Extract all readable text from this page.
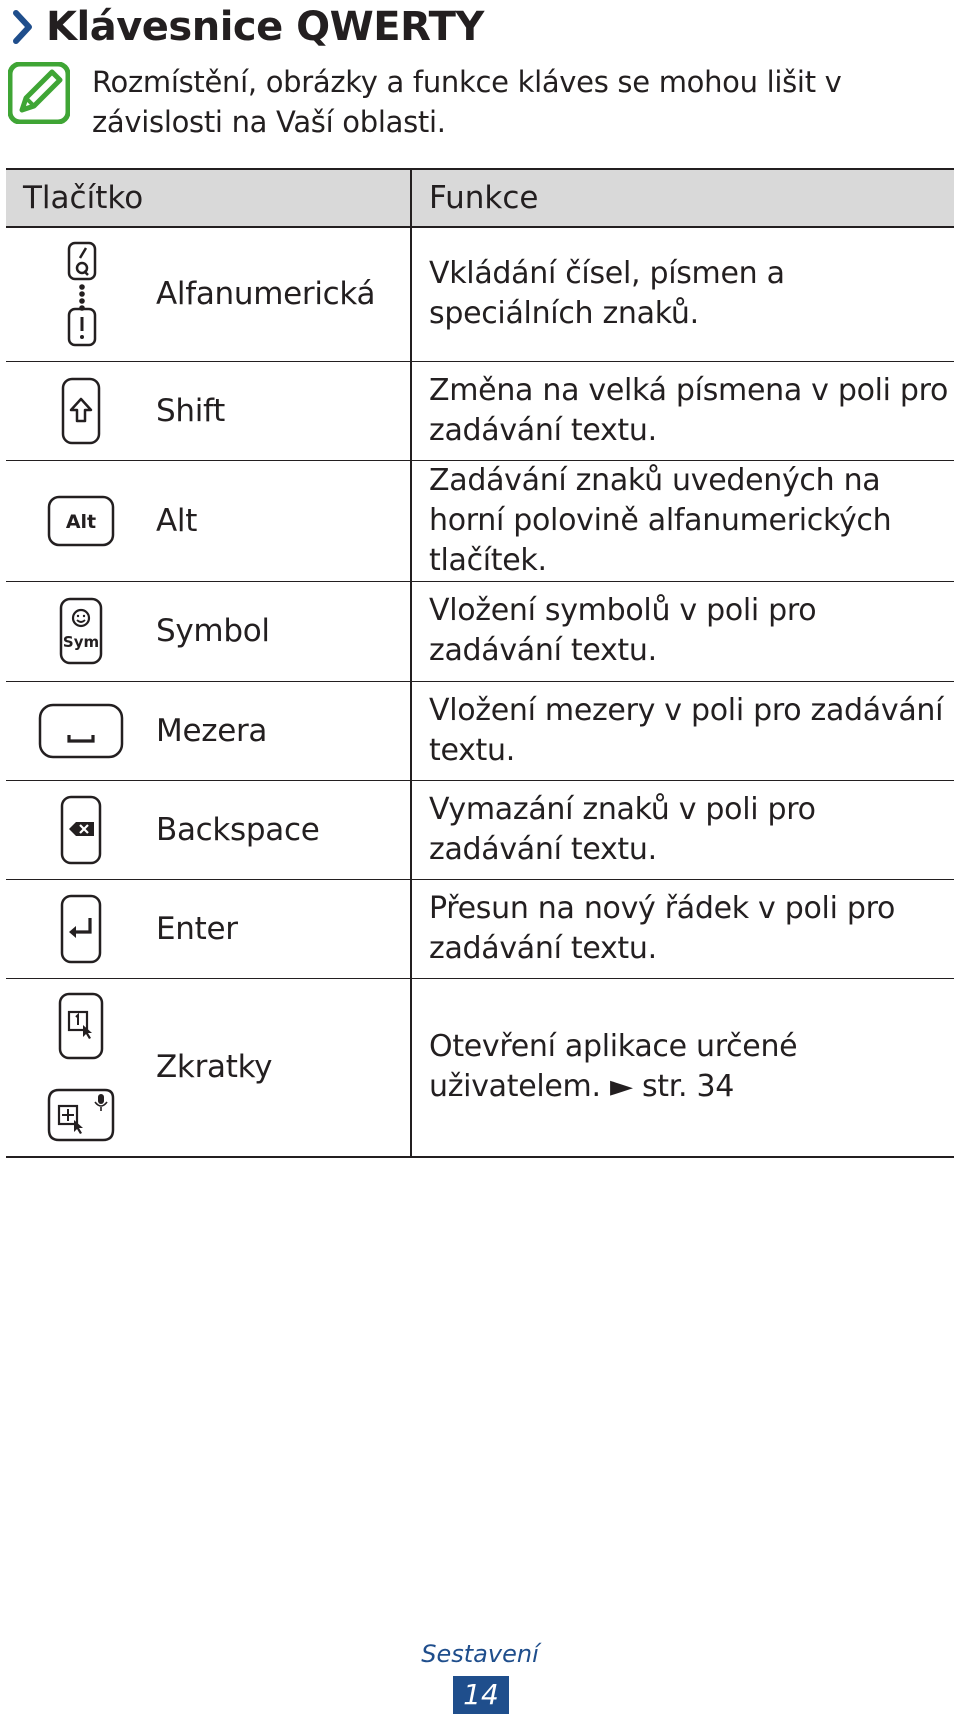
Klávesnice QWERTY
Rozmístění, obrázky a funkce kláves se mohou lišit v závislosti na Vaší oblasti.
Tlačítko	Funkce

Alfanumerická	Vkládání čísel, písmen a speciálních znaků.

Shift	Změna na velká písmena v poli pro zadávání textu.

Alt Alt	Zadávání znaků uvedených na horní polovině alfanumerických tlačítek.

Sym Symbol	Vložení symbolů v poli pro zadávání textu.

Mezera	Vložení mezery v poli pro zadávání textu.

Backspace	Vymazání znaků v poli pro zadávání textu.

Enter	Přesun na nový řádek v poli pro zadávání textu.

Zkratky	Otevření aplikace určené uživatelem. ► str. 34
Sestavení
14
